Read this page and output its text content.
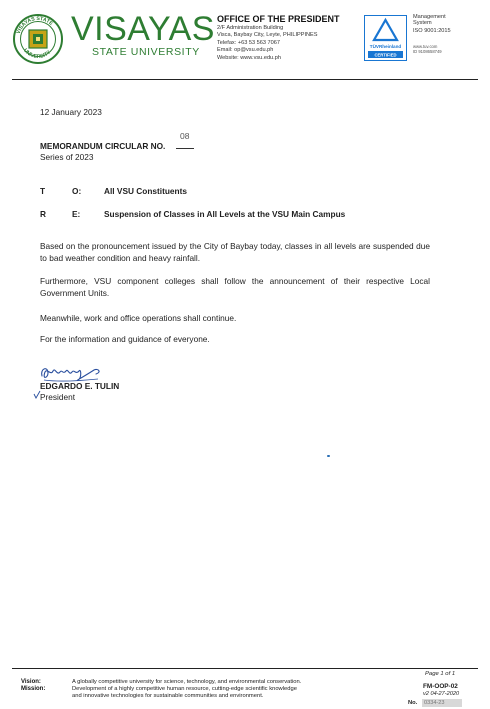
VISAYAS STATE
UNIVERSITY
VISAYAS
STATE UNIVERSITY
OFFICE OF THE PRESIDENT
2/F Administration Building
Visca, Baybay City, Leyte, PHILIPPINES
Telefax: +63 53 563 7067
Email: op@vsu.edu.ph
Website: www.vsu.edu.ph
TÜVRheinland
CERTIFIED
Management
System
ISO 9001:2015
www.tuv.com
ID 9108658749
12 January 2023
MEMORANDUM CIRCULAR NO.
08
Series of 2023
T	O:	All VSU Constituents
R	E:	Suspension of Classes in All Levels at the VSU Main Campus
Based on the pronouncement issued by the City of Baybay today, classes in all levels are suspended due to bad weather condition and heavy rainfall.
Furthermore, VSU component colleges shall follow the announcement of their respective Local Government Units.
Meanwhile, work and office operations shall continue.
For the information and guidance of everyone.
EDGARDO E. TULIN
President
Vision:
Mission:
A globally competitive university for science, technology, and environmental conservation.
Development of a highly competitive human resource, cutting-edge scientific knowledge
and innovative technologies for sustainable communities and environment.
Page 1 of 1
FM-OOP-02
v2 04-27-2020
No. 0334-23
